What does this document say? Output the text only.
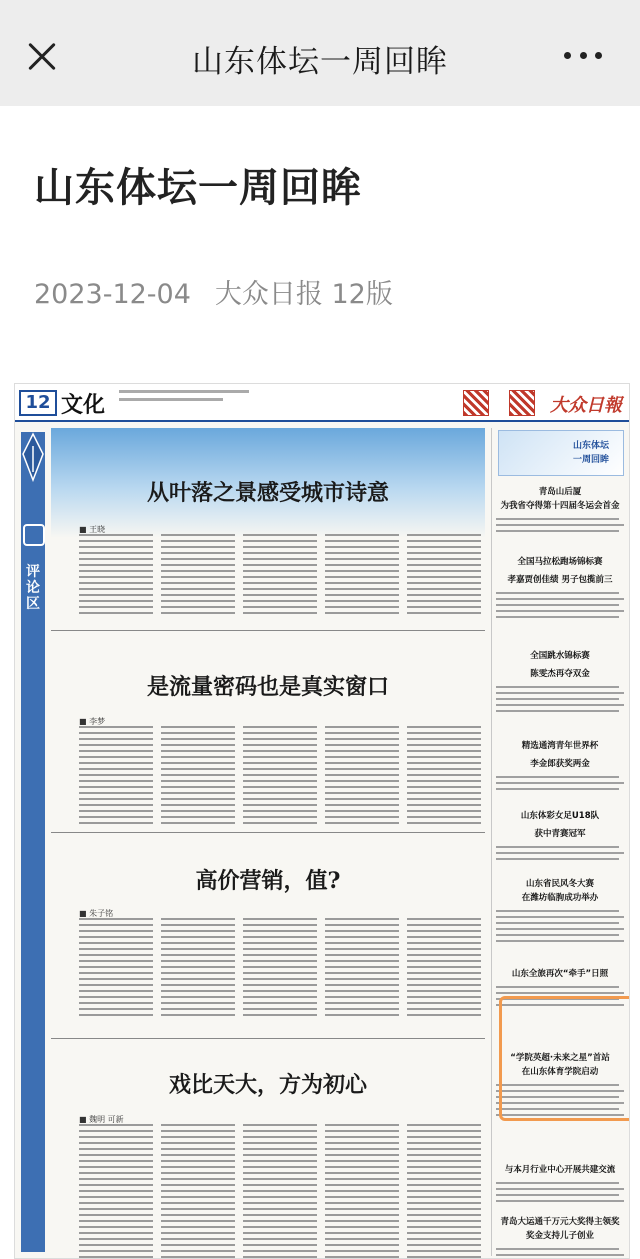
山东体坛一周回眸
山东体坛一周回眸
2023-12-04 大众日报 12版
12 文化	大众日報
评论区
从叶落之景感受城市诗意
■ 王晓
是流量密码也是真实窗口
■ 李梦
高价营销，值?
■ 朱子铭
戏比天大，方为初心
■ 魏明 可新
山东体坛
一周回眸
青岛山后厦
为我省夺得第十四届冬运会首金
全国马拉松跑场锦标赛
孝嘉贾创佳绩 男子包揽前三
全国跳水锦标赛
陈雯杰再夺双金
精选通湾青年世界杯
李金郎获奖两金
山东体彩女足U18队
获中青赛冠军
山东省民风冬大赛
在潍坊临朐成功举办
山东全旅再次“牵手”日照
“学院英超·未来之星”首站
在山东体育学院启动
与本月行业中心开展共建交流
青岛大运通千万元大奖得主领奖
奖金支持儿子创业
